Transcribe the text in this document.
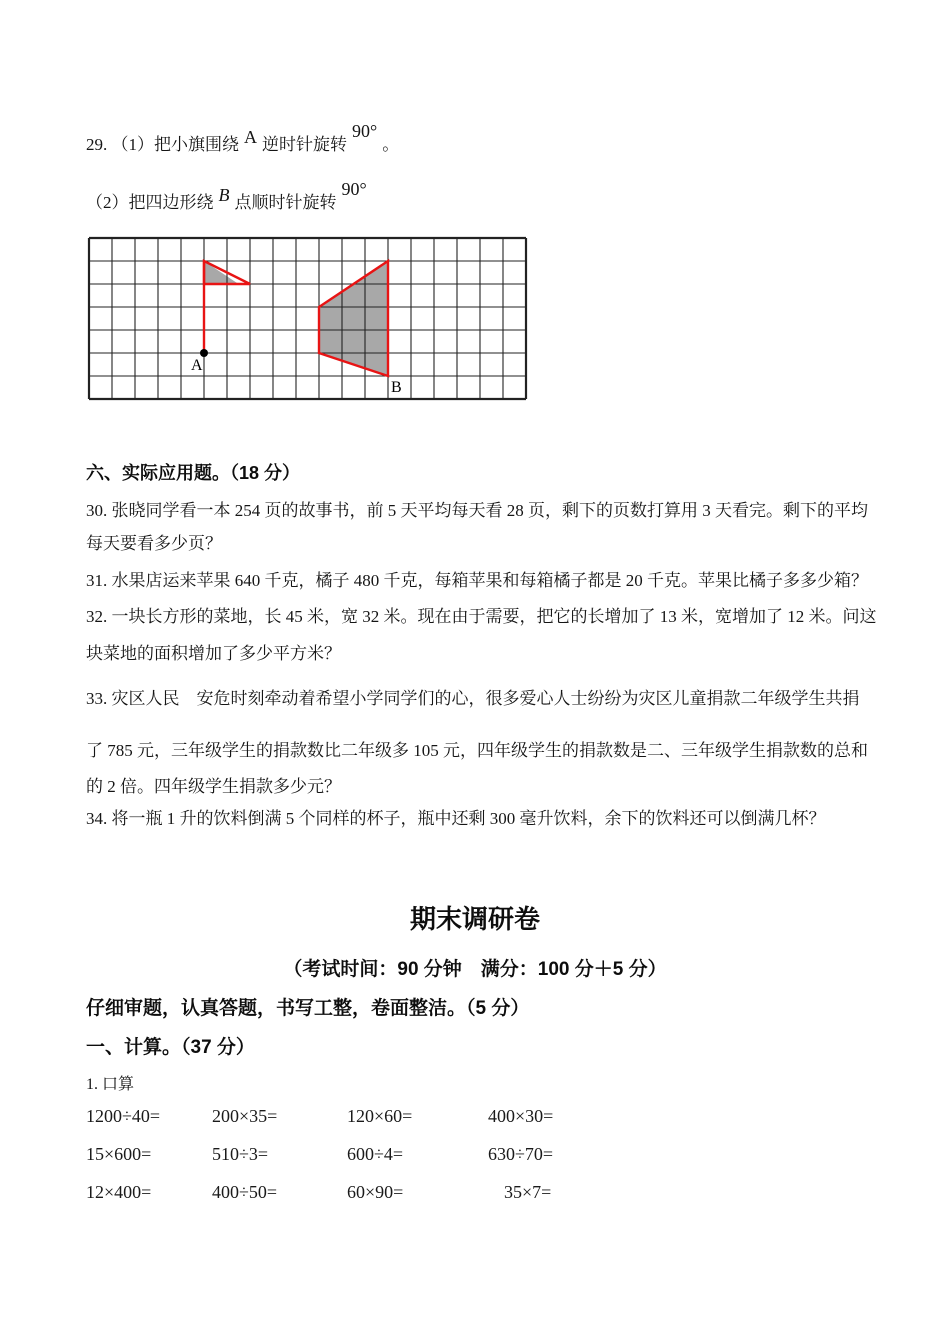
29. （1）把小旗围绕 A 逆时针旋转90°。
（2）把四边形绕 B 点顺时针旋转90°
A
B
六、实际应用题。（18 分）
30. 张晓同学看一本 254 页的故事书，前 5 天平均每天看 28 页，剩下的页数打算用 3 天看完。剩下的平均
每天要看多少页？
31. 水果店运来苹果 640 千克，橘子 480 千克，每箱苹果和每箱橘子都是 20 千克。苹果比橘子多多少箱？
32. 一块长方形的菜地，长 45 米，宽 32 米。现在由于需要，把它的长增加了 13 米，宽增加了 12 米。问这
块菜地的面积增加了多少平方米？
33. 灾区人民　安危时刻牵动着希望小学同学们的心，很多爱心人士纷纷为灾区儿童捐款二年级学生共捐
了 785 元，三年级学生的捐款数比二年级多 105 元，四年级学生的捐款数是二、三年级学生捐款数的总和
的 2 倍。四年级学生捐款多少元？
34. 将一瓶 1 升的饮料倒满 5 个同样的杯子，瓶中还剩 300 毫升饮料，余下的饮料还可以倒满几杯？
期末调研卷
（考试时间：90 分钟　满分：100 分＋5 分）
仔细审题，认真答题，书写工整，卷面整洁。（5 分）
一、计算。（37 分）
1. 口算
1200÷40=	200×35=	120×60=	400×30=
15×600=	510÷3=	600÷4=	630÷70=
12×400=	400÷50=	60×90=	35×7=
